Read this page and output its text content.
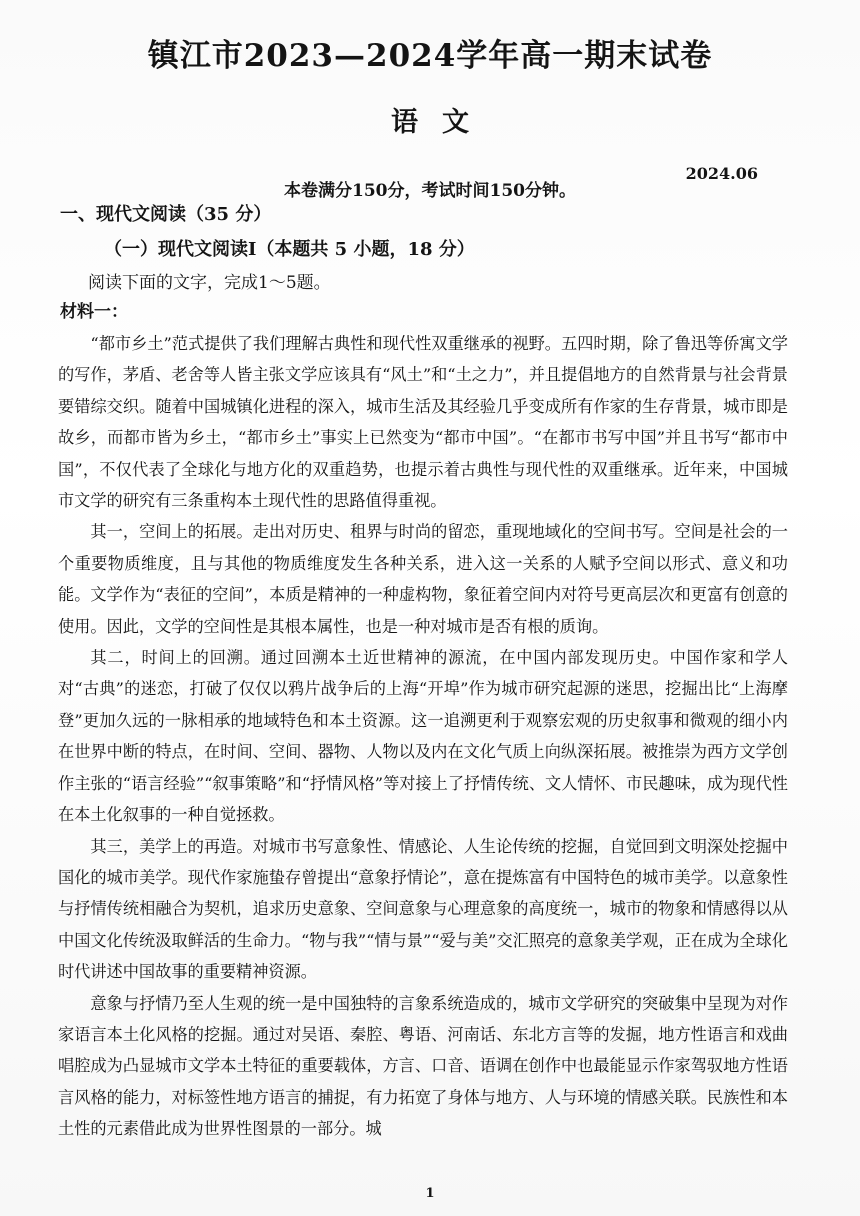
镇江市2023—2024学年高一期末试卷
语文
2024.06
本卷满分150分，考试时间150分钟。
一、现代文阅读（35 分）
（一）现代文阅读Ⅰ（本题共 5 小题，18 分）
阅读下面的文字，完成1～5题。
材料一：

“都市乡土”范式提供了我们理解古典性和现代性双重继承的视野。五四时期，除了鲁迅等侨寓文学的写作，茅盾、老舍等人皆主张文学应该具有“风土”和“土之力”，并且提倡地方的自然背景与社会背景要错综交织。随着中国城镇化进程的深入，城市生活及其经验几乎变成所有作家的生存背景，城市即是故乡，而都市皆为乡土，“都市乡土”事实上已然变为“都市中国”。“在都市书写中国”并且书写“都市中国”，不仅代表了全球化与地方化的双重趋势，也提示着古典性与现代性的双重继承。近年来，中国城市文学的研究有三条重构本土现代性的思路值得重视。

其一，空间上的拓展。走出对历史、租界与时尚的留恋，重现地域化的空间书写。空间是社会的一个重要物质维度，且与其他的物质维度发生各种关系，进入这一关系的人赋予空间以形式、意义和功能。文学作为“表征的空间”，本质是精神的一种虚构物，象征着空间内对符号更高层次和更富有创意的使用。因此，文学的空间性是其根本属性，也是一种对城市是否有根的质询。

其二，时间上的回溯。通过回溯本土近世精神的源流，在中国内部发现历史。中国作家和学人对“古典”的迷恋，打破了仅仅以鸦片战争后的上海“开埠”作为城市研究起源的迷思，挖掘出比“上海摩登”更加久远的一脉相承的地域特色和本土资源。这一追溯更利于观察宏观的历史叙事和微观的细小内在世界中断的特点，在时间、空间、器物、人物以及内在文化气质上向纵深拓展。被推崇为西方文学创作主张的“语言经验”“叙事策略”和“抒情风格”等对接上了抒情传统、文人情怀、市民趣味，成为现代性在本土化叙事的一种自觉拯救。

其三，美学上的再造。对城市书写意象性、情感论、人生论传统的挖掘，自觉回到文明深处挖掘中国化的城市美学。现代作家施蛰存曾提出“意象抒情论”，意在提炼富有中国特色的城市美学。以意象性与抒情传统相融合为契机，追求历史意象、空间意象与心理意象的高度统一，城市的物象和情感得以从中国文化传统汲取鲜活的生命力。“物与我”“情与景”“爱与美”交汇照亮的意象美学观，正在成为全球化时代讲述中国故事的重要精神资源。

意象与抒情乃至人生观的统一是中国独特的言象系统造成的，城市文学研究的突破集中呈现为对作家语言本土化风格的挖掘。通过对吴语、秦腔、粤语、河南话、东北方言等的发掘，地方性语言和戏曲唱腔成为凸显城市文学本土特征的重要载体，方言、口音、语调在创作中也最能显示作家驾驭地方性语言风格的能力，对标签性地方语言的捕捉，有力拓宽了身体与地方、人与环境的情感关联。民族性和本土性的元素借此成为世界性图景的一部分。城

1
